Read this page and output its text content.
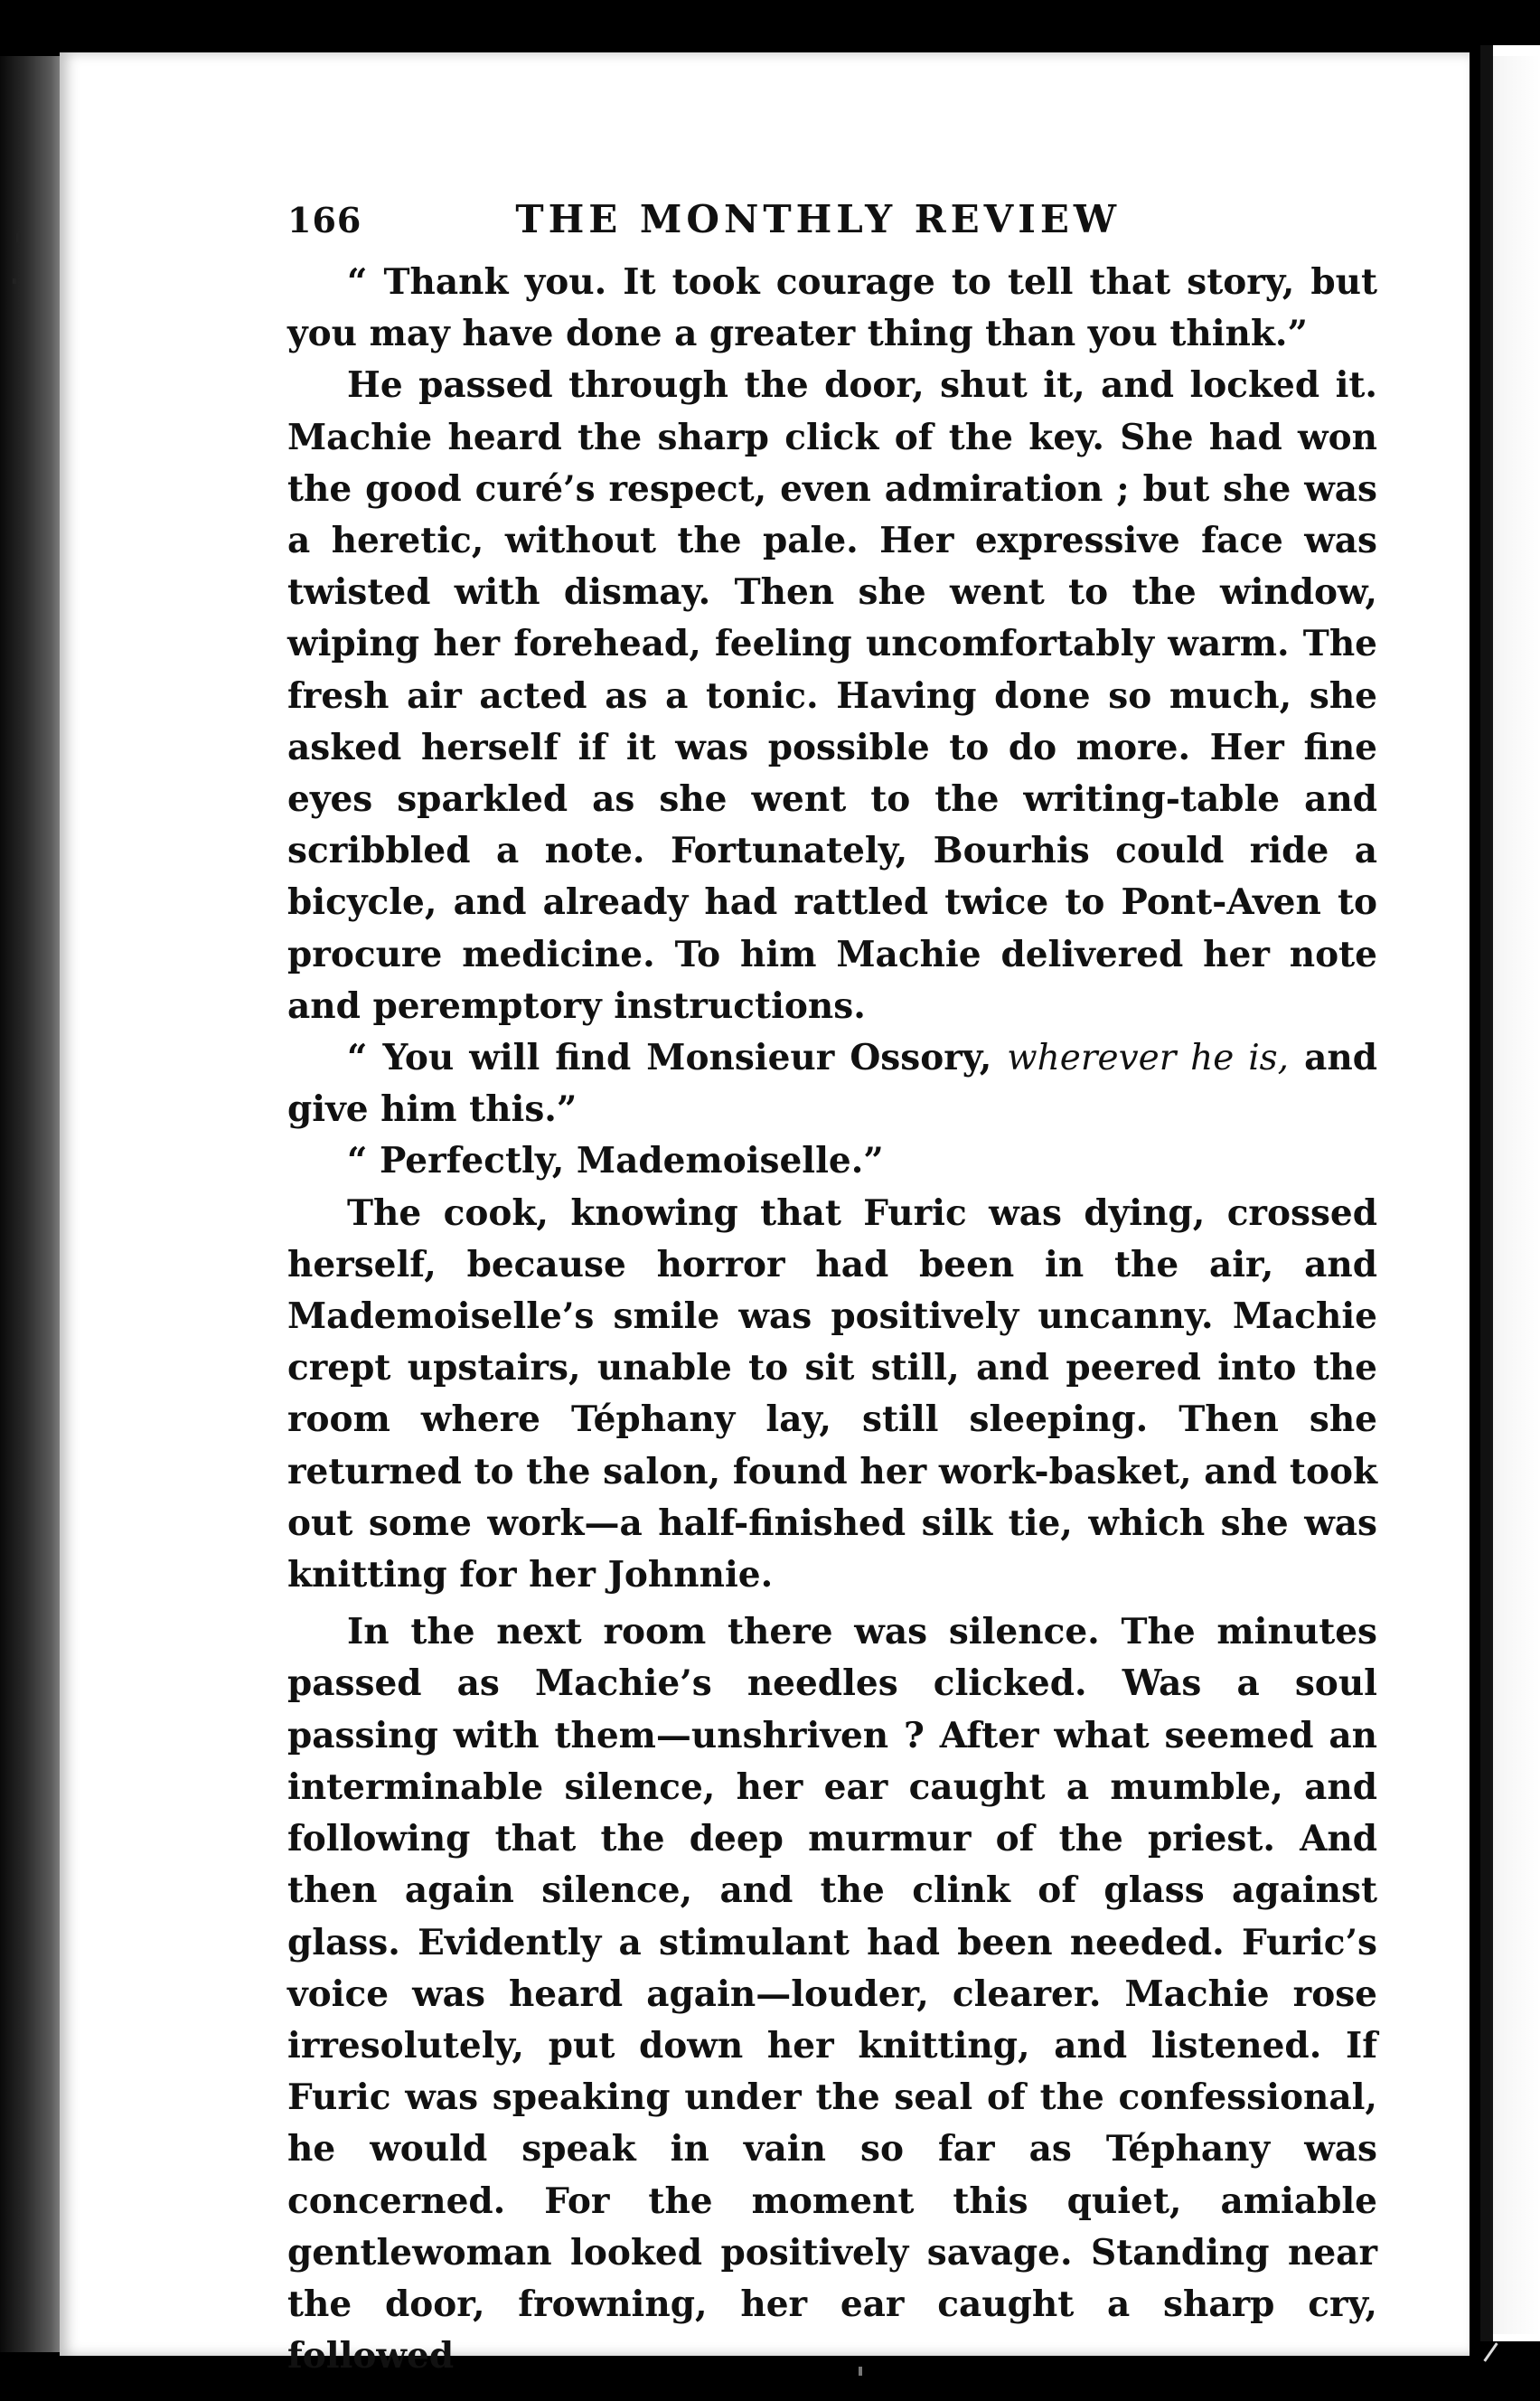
166	THE MONTHLY REVIEW

“ Thank you. It took courage to tell that story, but you may have done a greater thing than you think.”

He passed through the door, shut it, and locked it. Machie heard the sharp click of the key. She had won the good curé’s respect, even admiration ; but she was a heretic, without the pale. Her expressive face was twisted with dismay. Then she went to the window, wiping her forehead, feeling uncomfortably warm. The fresh air acted as a tonic. Having done so much, she asked herself if it was possible to do more. Her fine eyes sparkled as she went to the writing-table and scribbled a note. Fortunately, Bourhis could ride a bicycle, and already had rattled twice to Pont-Aven to procure medicine. To him Machie delivered her note and peremptory instructions.

“ You will find Monsieur Ossory, wherever he is, and give him this.”

“ Perfectly, Mademoiselle.”

The cook, knowing that Furic was dying, crossed herself, because horror had been in the air, and Mademoiselle’s smile was positively uncanny. Machie crept upstairs, unable to sit still, and peered into the room where Téphany lay, still sleeping. Then she returned to the salon, found her work-basket, and took out some work—a half-finished silk tie, which she was knitting for her Johnnie.

In the next room there was silence. The minutes passed as Machie’s needles clicked. Was a soul passing with them—unshriven ? After what seemed an interminable silence, her ear caught a mumble, and following that the deep murmur of the priest. And then again silence, and the clink of glass against glass. Evidently a stimulant had been needed. Furic’s voice was heard again—louder, clearer. Machie rose irresolutely, put down her knitting, and listened. If Furic was speaking under the seal of the confessional, he would speak in vain so far as Téphany was concerned. For the moment this quiet, amiable gentlewoman looked positively savage. Standing near the door, frowning, her ear caught a sharp cry, followed
